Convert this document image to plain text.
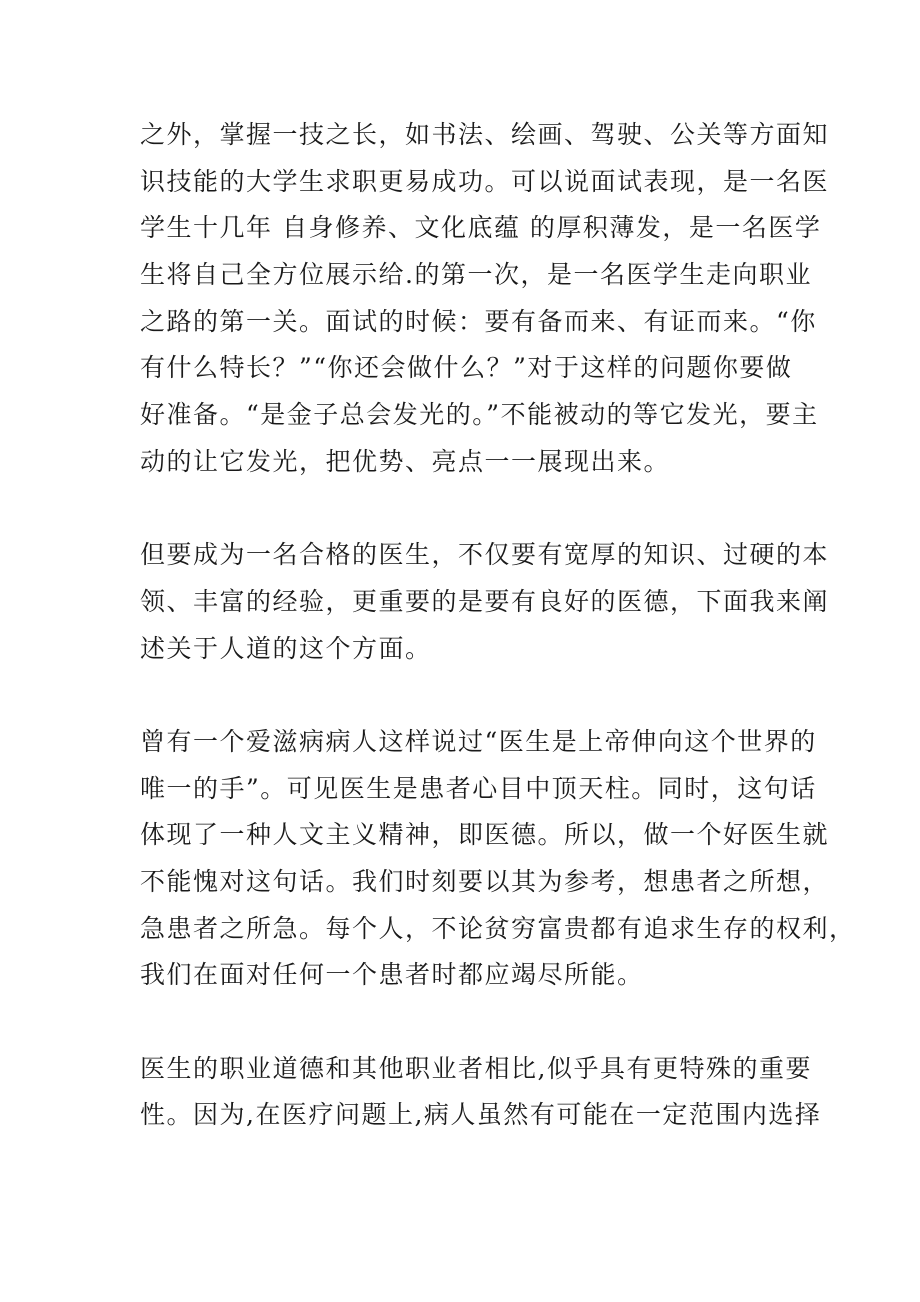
之外，掌握一技之长，如书法、绘画、驾驶、公关等方面知
识技能的大学生求职更易成功。可以说面试表现，是一名医
学生十几年 自身修养、文化底蕴 的厚积薄发，是一名医学
生将自己全方位展示给.的第一次，是一名医学生走向职业
之路的第一关。面试的时候：要有备而来、有证而来。“你
有什么特长？”“你还会做什么？”对于这样的问题你要做
好准备。“是金子总会发光的。”不能被动的等它发光，要主
动的让它发光，把优势、亮点一一展现出来。
但要成为一名合格的医生，不仅要有宽厚的知识、过硬的本
领、丰富的经验，更重要的是要有良好的医德，下面我来阐
述关于人道的这个方面。
曾有一个爱滋病病人这样说过“医生是上帝伸向这个世界的
唯一的手”。可见医生是患者心目中顶天柱。同时，这句话
体现了一种人文主义精神，即医德。所以，做一个好医生就
不能愧对这句话。我们时刻要以其为参考，想患者之所想，
急患者之所急。每个人，不论贫穷富贵都有追求生存的权利，
我们在面对任何一个患者时都应竭尽所能。
医生的职业道德和其他职业者相比,似乎具有更特殊的重要
性。因为,在医疗问题上,病人虽然有可能在一定范围内选择
